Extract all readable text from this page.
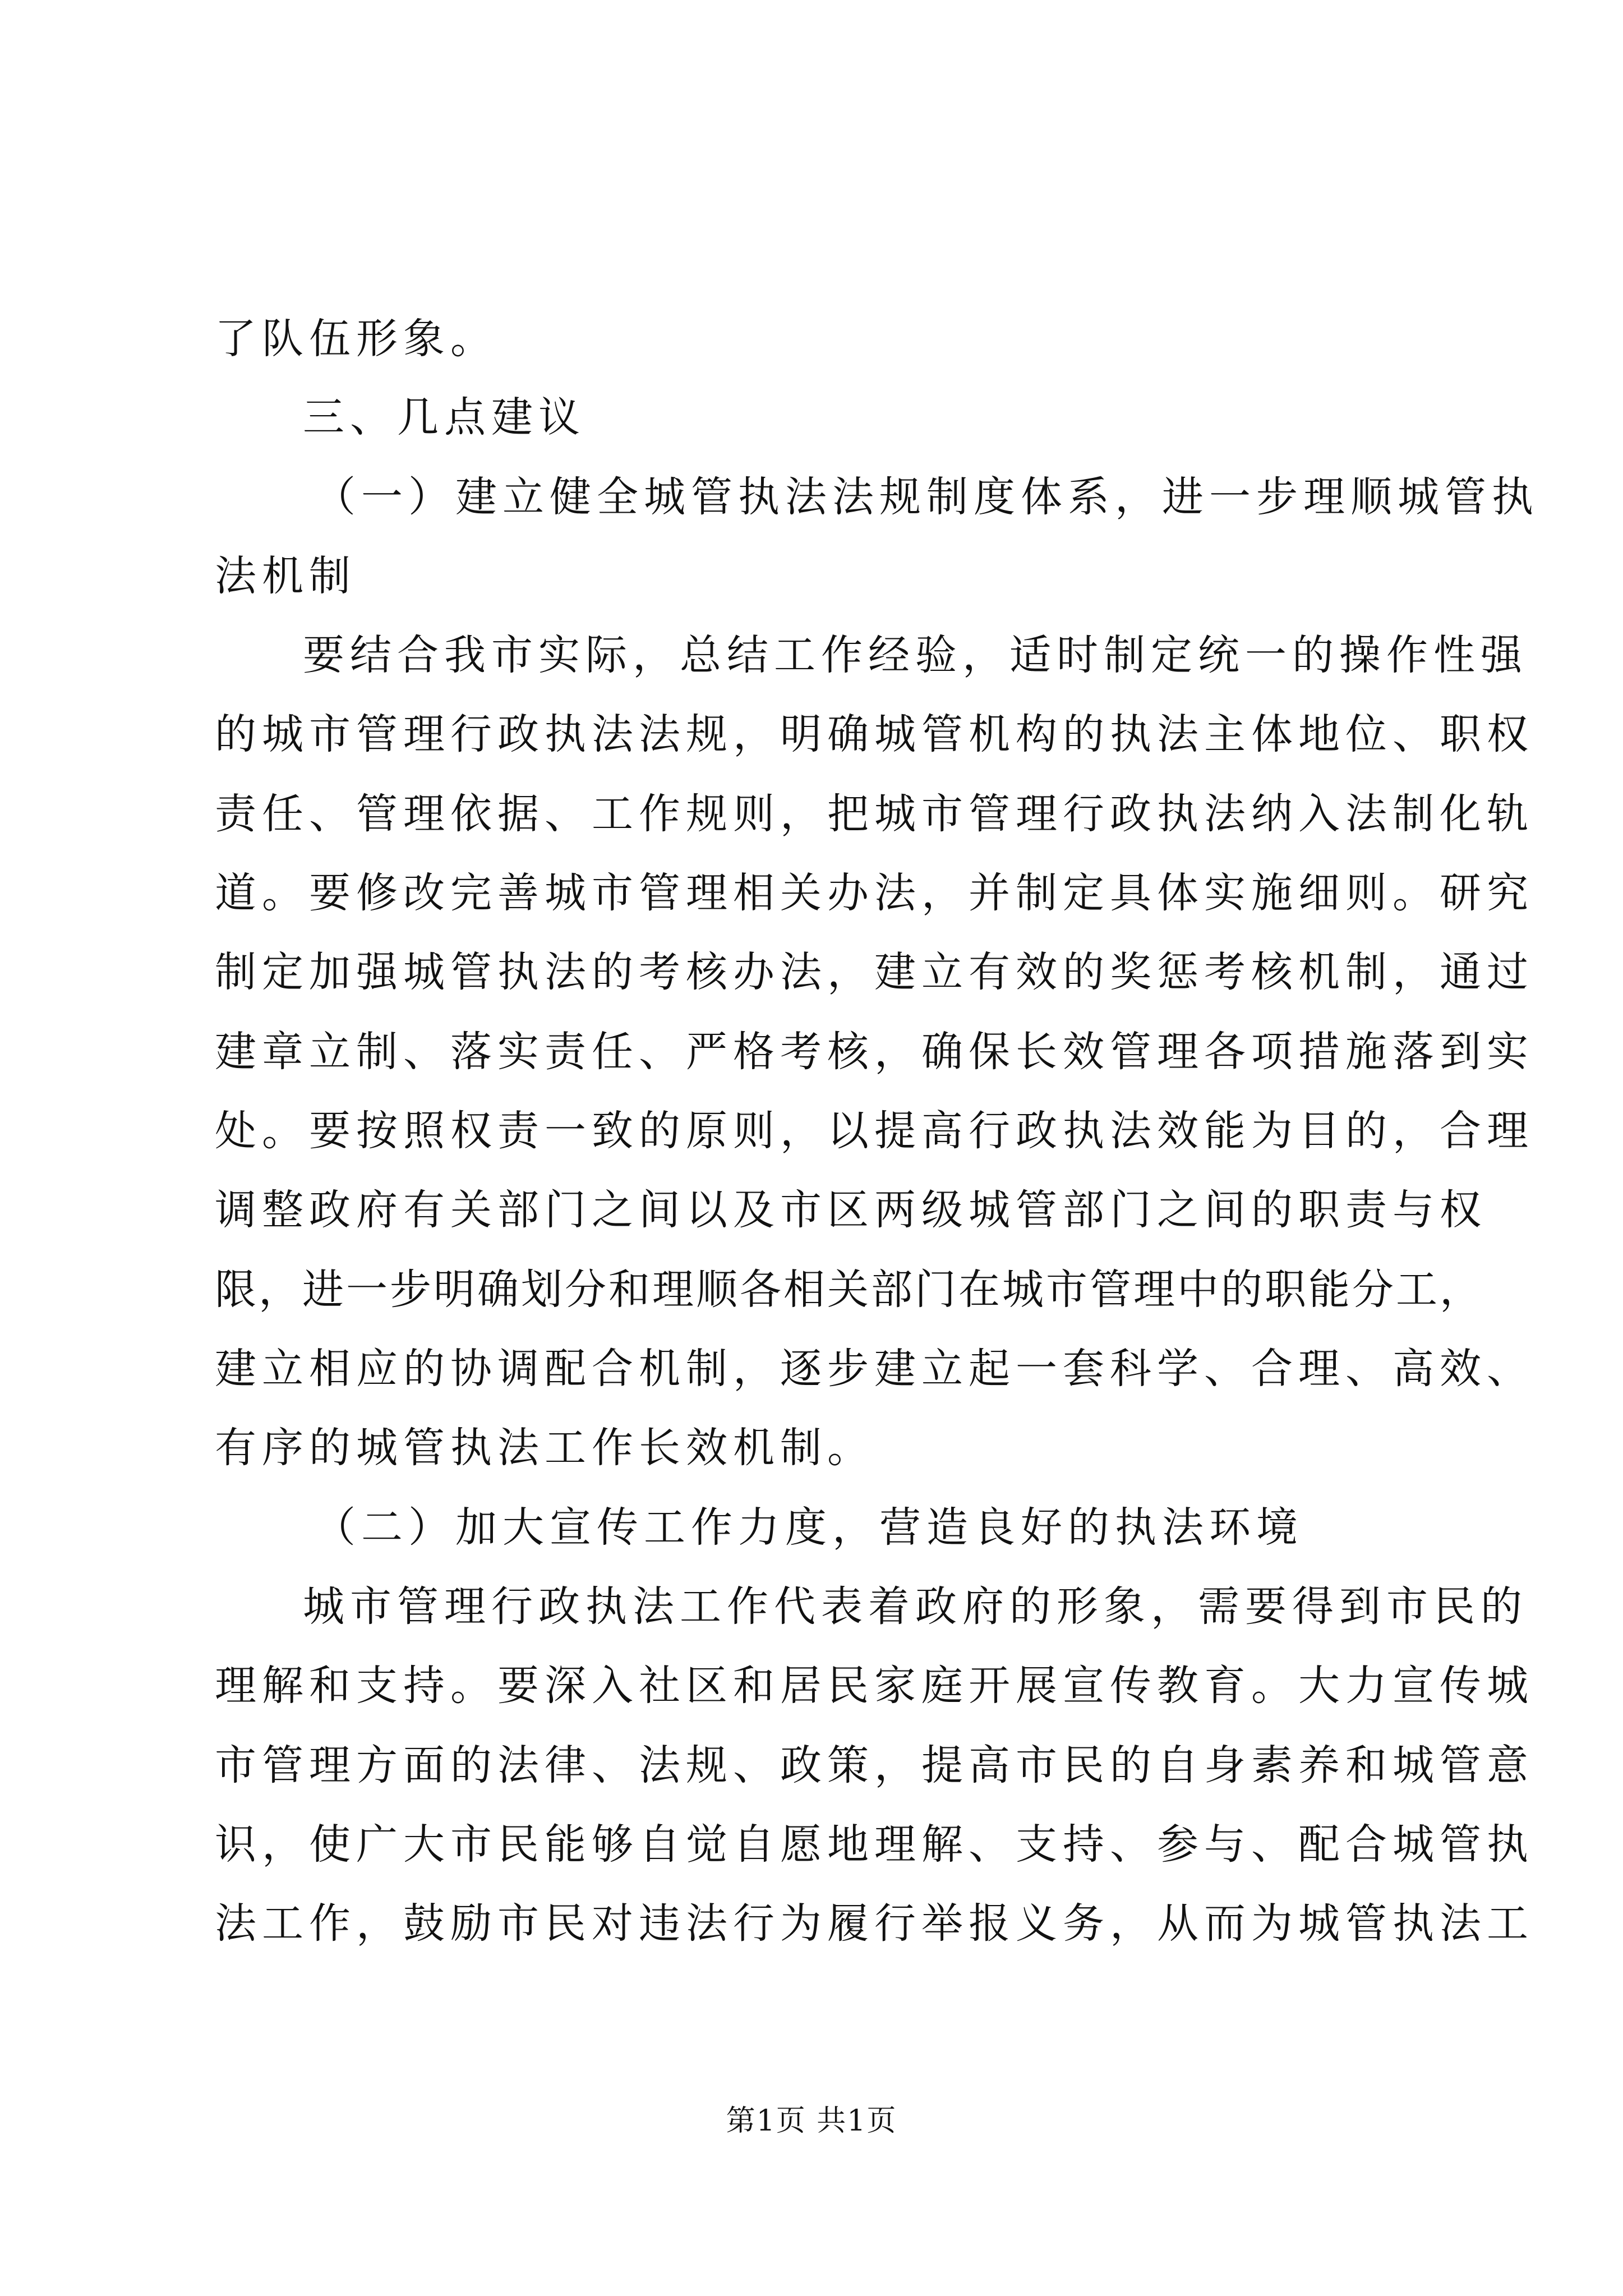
了队伍形象。
三、几点建议
（一）建立健全城管执法法规制度体系，进一步理顺城管执
法机制
要结合我市实际，总结工作经验，适时制定统一的操作性强
的城市管理行政执法法规，明确城管机构的执法主体地位、职权
责任、管理依据、工作规则，把城市管理行政执法纳入法制化轨
道。要修改完善城市管理相关办法，并制定具体实施细则。研究
制定加强城管执法的考核办法，建立有效的奖惩考核机制，通过
建章立制、落实责任、严格考核，确保长效管理各项措施落到实
处。要按照权责一致的原则，以提高行政执法效能为目的，合理
调整政府有关部门之间以及市区两级城管部门之间的职责与权
限，进一步明确划分和理顺各相关部门在城市管理中的职能分工，
建立相应的协调配合机制，逐步建立起一套科学、合理、高效、
有序的城管执法工作长效机制。
（二）加大宣传工作力度，营造良好的执法环境
城市管理行政执法工作代表着政府的形象，需要得到市民的
理解和支持。要深入社区和居民家庭开展宣传教育。大力宣传城
市管理方面的法律、法规、政策，提高市民的自身素养和城管意
识，使广大市民能够自觉自愿地理解、支持、参与、配合城管执
法工作，鼓励市民对违法行为履行举报义务，从而为城管执法工
第1页 共1页
